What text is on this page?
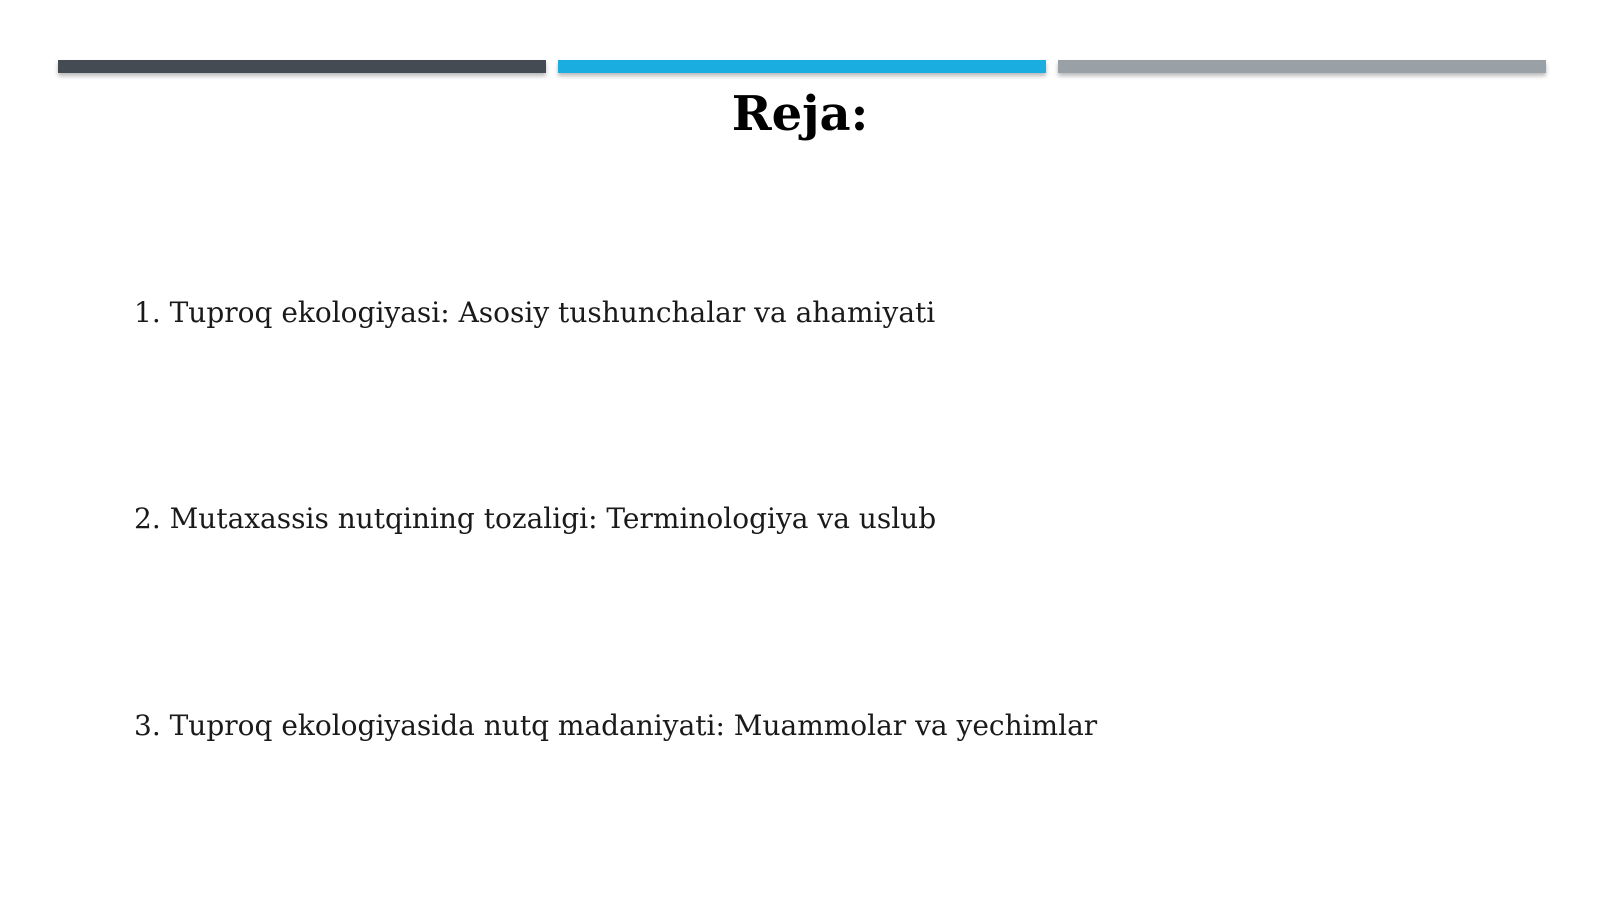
Reja:
1. Tuproq ekologiyasi: Asosiy tushunchalar va ahamiyati
2. Mutaxassis nutqining tozaligi: Terminologiya va uslub
3. Tuproq ekologiyasida nutq madaniyati: Muammolar va yechimlar
